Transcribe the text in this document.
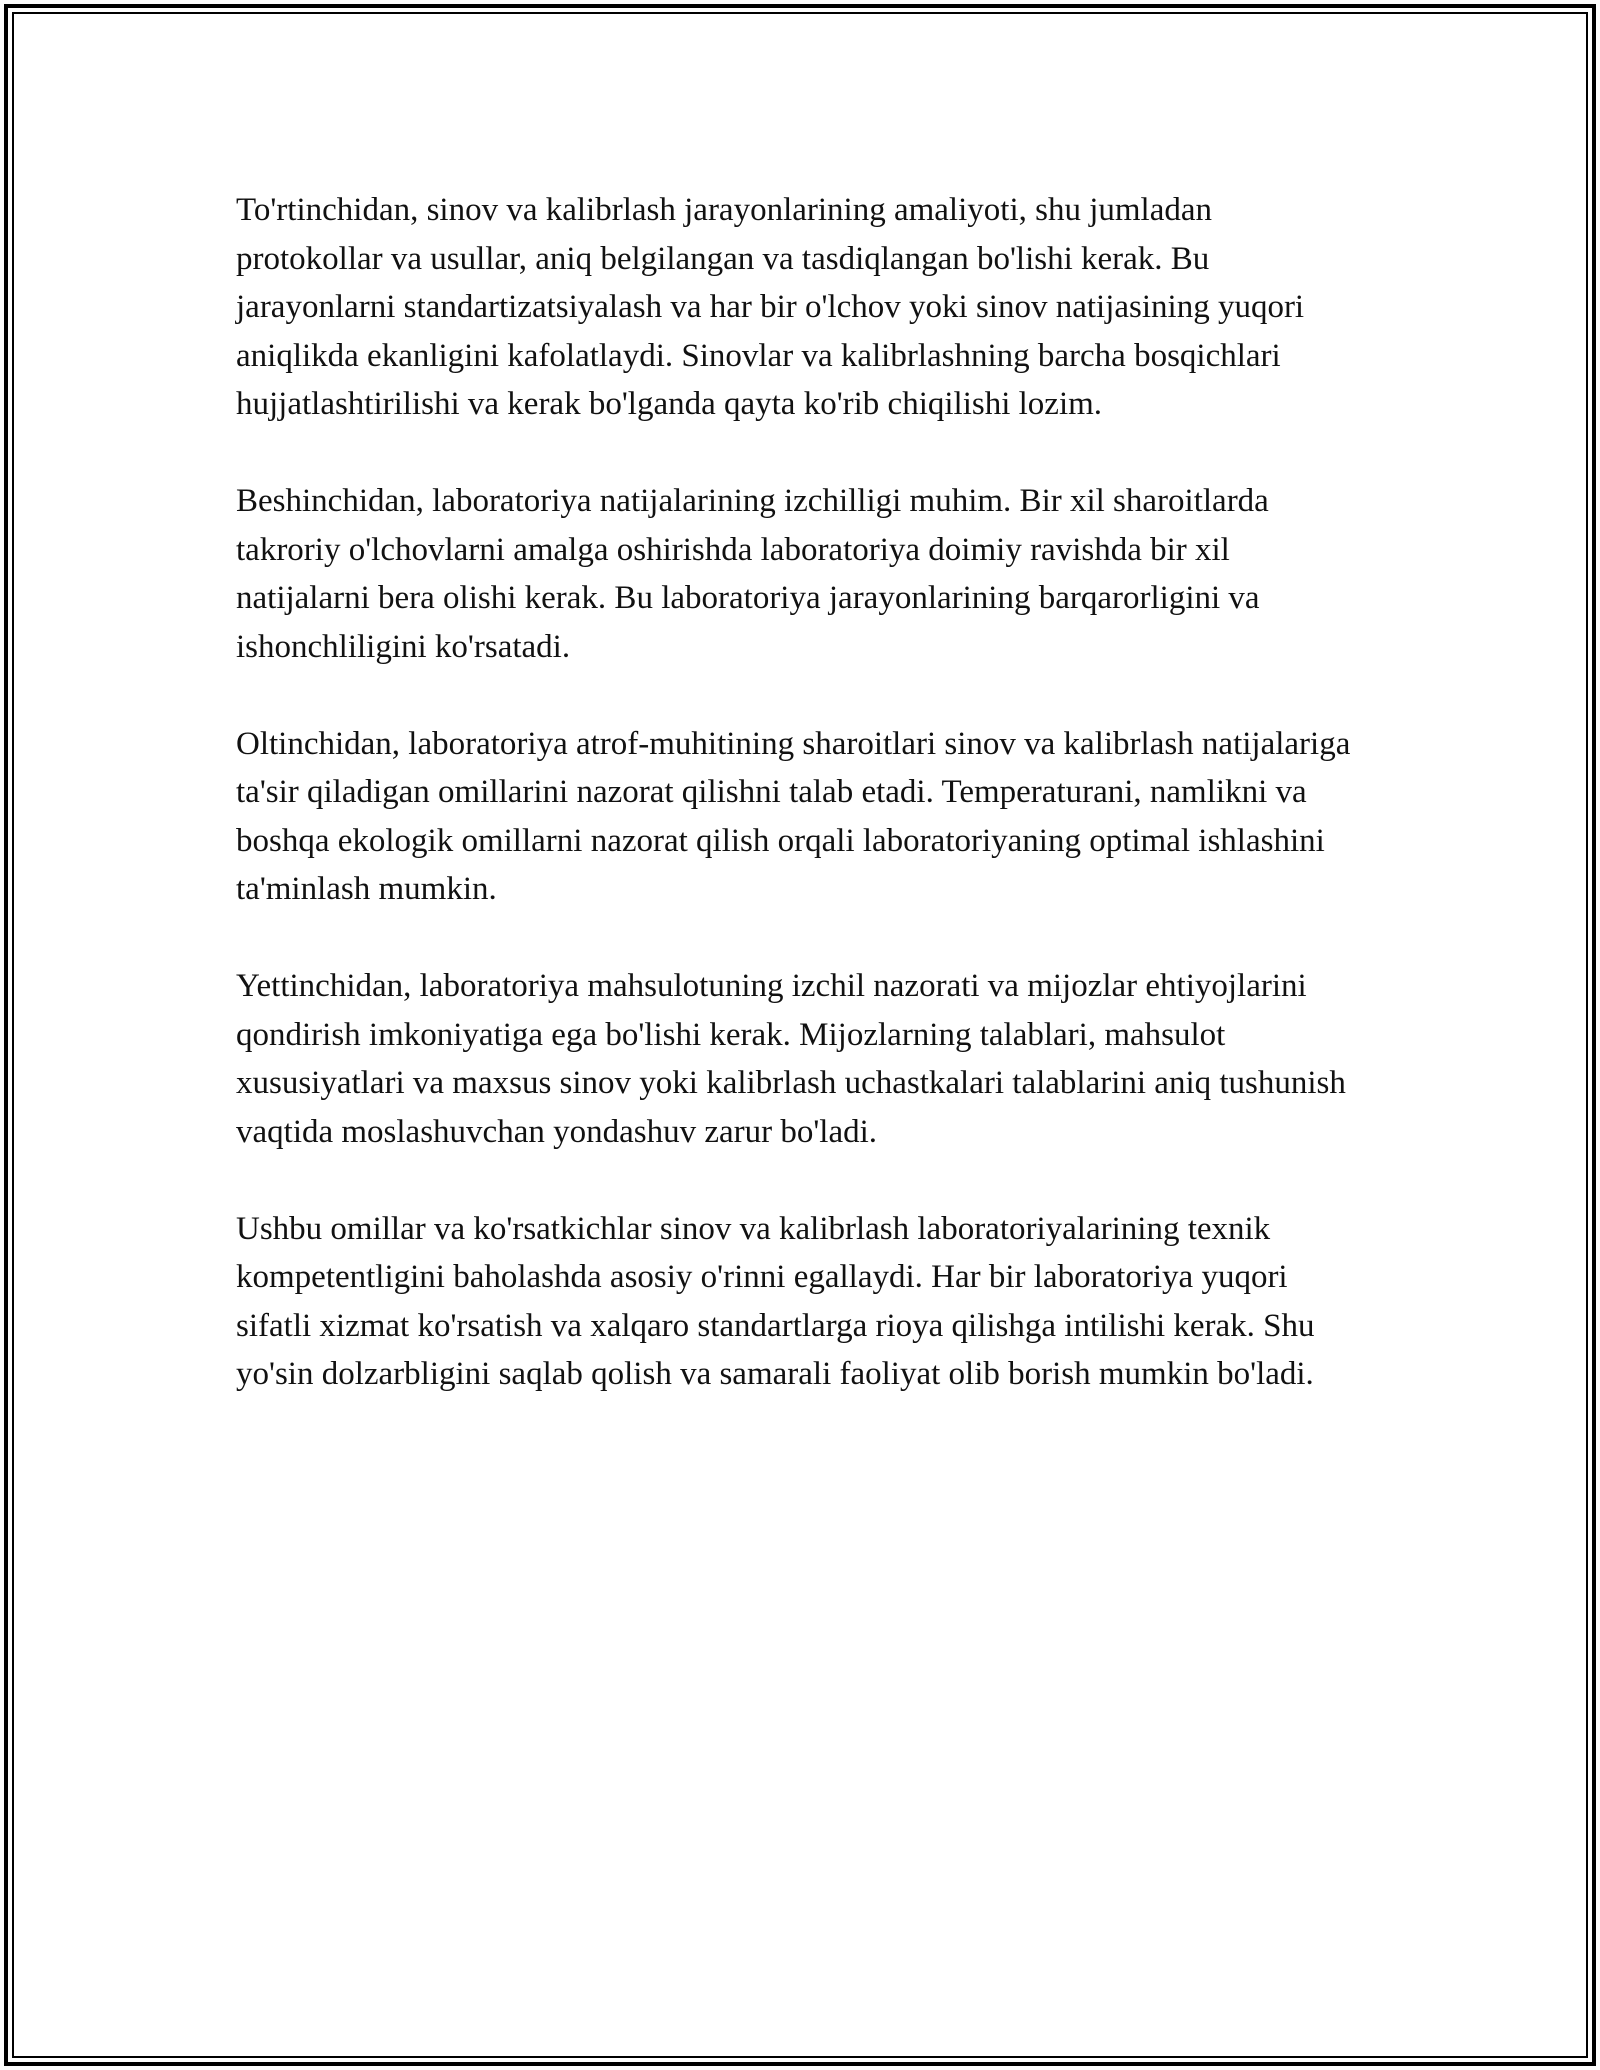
To'rtinchidan, sinov va kalibrlash jarayonlarining amaliyoti, shu jumladan protokollar va usullar, aniq belgilangan va tasdiqlangan bo'lishi kerak. Bu jarayonlarni standartizatsiyalash va har bir o'lchov yoki sinov natijasining yuqori aniqlikda ekanligini kafolatlaydi. Sinovlar va kalibrlashning barcha bosqichlari hujjatlashtirilishi va kerak bo'lganda qayta ko'rib chiqilishi lozim.

Beshinchidan, laboratoriya natijalarining izchilligi muhim. Bir xil sharoitlarda takroriy o'lchovlarni amalga oshirishda laboratoriya doimiy ravishda bir xil natijalarni bera olishi kerak. Bu laboratoriya jarayonlarining barqarorligini va ishonchliligini ko'rsatadi.

Oltinchidan, laboratoriya atrof-muhitining sharoitlari sinov va kalibrlash natijalariga ta'sir qiladigan omillarini nazorat qilishni talab etadi. Temperaturani, namlikni va boshqa ekologik omillarni nazorat qilish orqali laboratoriyaning optimal ishlashini ta'minlash mumkin.

Yettinchidan, laboratoriya mahsulotuning izchil nazorati va mijozlar ehtiyojlarini qondirish imkoniyatiga ega bo'lishi kerak. Mijozlarning talablari, mahsulot xususiyatlari va maxsus sinov yoki kalibrlash uchastkalari talablarini aniq tushunish vaqtida moslashuvchan yondashuv zarur bo'ladi.

Ushbu omillar va ko'rsatkichlar sinov va kalibrlash laboratoriyalarining texnik kompetentligini baholashda asosiy o'rinni egallaydi. Har bir laboratoriya yuqori sifatli xizmat ko'rsatish va xalqaro standartlarga rioya qilishga intilishi kerak. Shu yo'sin dolzarbligini saqlab qolish va samarali faoliyat olib borish mumkin bo'ladi.
